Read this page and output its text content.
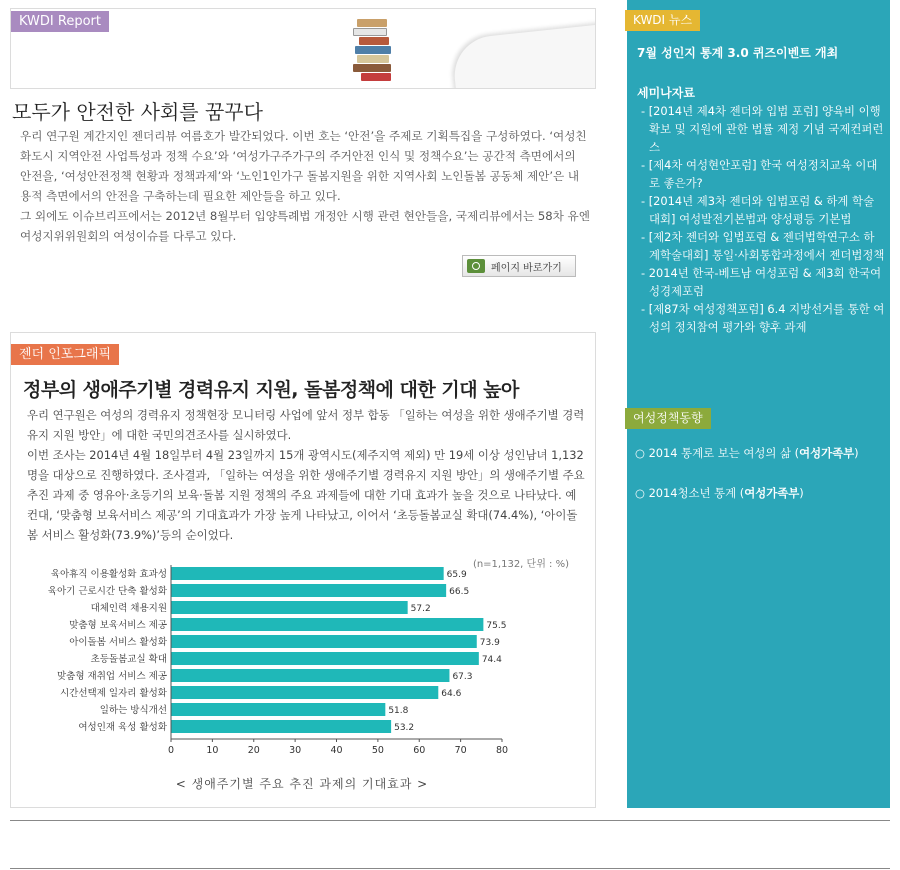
KWDI Report
모두가 안전한 사회를 꿈꾸다

우리 연구원 계간지인 젠더리뷰 여름호가 발간되었다. 이번 호는 ‘안전’을 주제로 기획특집을 구성하였다. ‘여성친화도시 지역안전 사업특성과 정책 수요’와 ‘여성가구주가구의 주거안전 인식 및 정책수요’는 공간적 측면에서의 안전을, ‘여성안전정책 현황과 정책과제’와 ‘노인1인가구 돌봄지원을 위한 지역사회 노인돌봄 공동체 제안’은 내용적 측면에서의 안전을 구축하는데 필요한 제안들을 하고 있다.

그 외에도 이슈브리프에서는 2012년 8월부터 입양특례법 개정안 시행 관련 현안들을, 국제리뷰에서는 58차 유엔여성지위위원회의 여성이슈를 다루고 있다.

페이지 바로가기
젠더 인포그래픽
정부의 생애주기별 경력유지 지원, 돌봄정책에 대한 기대 높아

우리 연구원은 여성의 경력유지 정책현장 모니터링 사업에 앞서 정부 합동 「일하는 여성을 위한 생애주기별 경력유지 지원 방안」에 대한 국민의견조사를 실시하였다.

이번 조사는 2014년 4월 18일부터 4월 23일까지 15개 광역시도(제주지역 제외) 만 19세 이상 성인남녀 1,132명을 대상으로 진행하였다. 조사결과, 「일하는 여성을 위한 생애주기별 경력유지 지원 방안」의 생애주기별 주요 추진 과제 중 영유아·초등기의 보육·돌봄 지원 정책의 주요 과제들에 대한 기대 효과가 높을 것으로 나타났다. 예컨대, ‘맞춤형 보육서비스 제공’의 기대효과가 가장 높게 나타났고, 이어서 ‘초등돌봄교실 확대(74.4%), ‘아이돌봄 서비스 활성화(73.9%)’등의 순이었다.

(n=1,132, 단위 : %)
육아휴직 이용활성화 효과성	65.9
육아기 근로시간 단축 활성화	66.5
대체인력 채용지원	57.2
맞춤형 보육서비스 제공	75.5
아이돌봄 서비스 활성화	73.9
초등돌봄교실 확대	74.4
맞춤형 재취업 서비스 제공	67.3
시간선택제 일자리 활성화	64.6
일하는 방식개선	51.8
여성인재 육성 활성화	53.2
0	10	20	30	40	50	60	70	80
< 생애주기별 주요 추진 과제의 기대효과 >
KWDI 뉴스
7월 성인지 통계 3.0 퀴즈이벤트 개최
세미나자료
- [2014년 제4차 젠더와 입법 포럼] 양육비 이행확보 및 지원에 관한 법률 제정 기념 국제컨퍼런스
- [제4차 여성현안포럼] 한국 여성정치교육 이대로 좋은가?
- [2014년 제3차 젠더와 입법포럼 & 하계 학술대회] 여성발전기본법과 양성평등 기본법
- [제2차 젠더와 입법포럼 & 젠더법학연구소 하계학술대회] 통일·사회통합과정에서 젠더법정책
- 2014년 한국-베트남 여성포럼 & 제3회 한국여성경제포럼
- [제87차 여성정책포럼] 6.4 지방선거를 통한 여성의 정치참여 평가와 향후 과제
여성정책동향
○ 2014 통계로 보는 여성의 삶 (여성가족부)
○ 2014청소년 통계 (여성가족부)
